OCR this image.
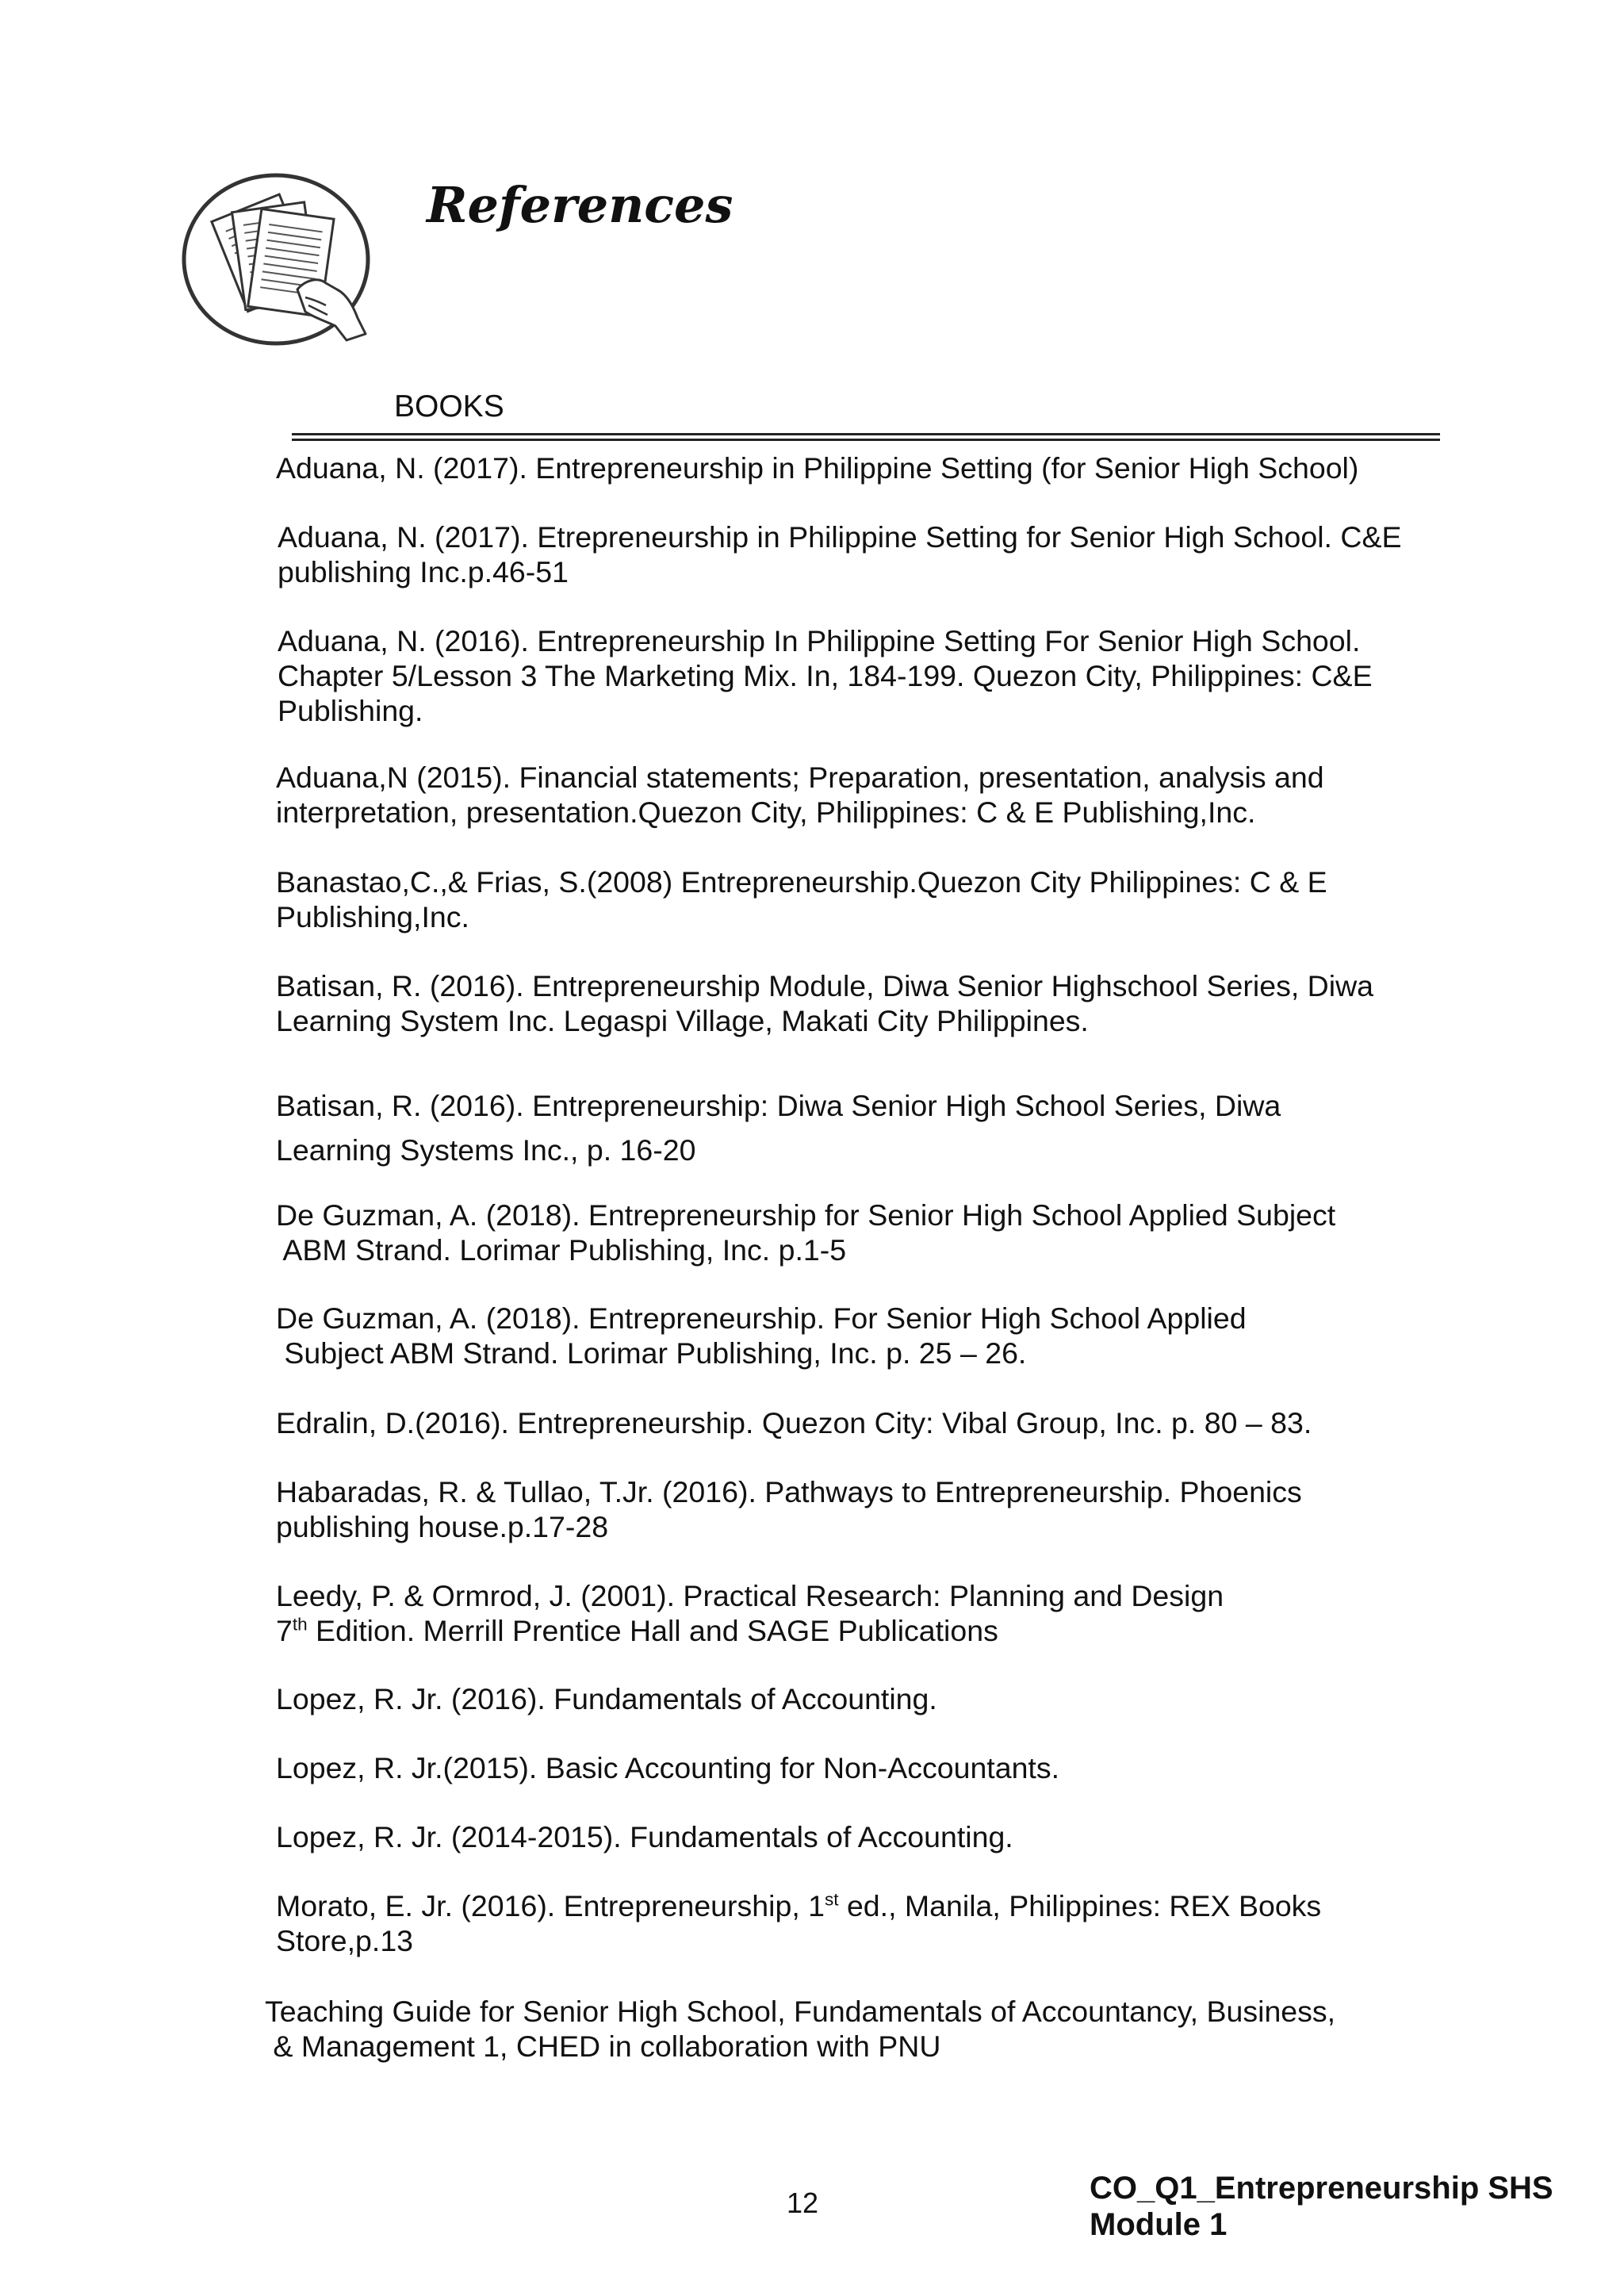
References
BOOKS

Aduana, N. (2017). Entrepreneurship in Philippine Setting (for Senior High School)

Aduana, N. (2017). Etrepreneurship in Philippine Setting for Senior High School. C&E
publishing Inc.p.46-51

Aduana, N. (2016). Entrepreneurship In Philippine Setting For Senior High School.
Chapter 5/Lesson 3 The Marketing Mix. In, 184-199. Quezon City, Philippines: C&E
Publishing.

Aduana,N (2015). Financial statements; Preparation, presentation, analysis and
interpretation, presentation.Quezon City, Philippines: C & E Publishing,Inc.

Banastao,C.,& Frias, S.(2008) Entrepreneurship.Quezon City Philippines: C & E
Publishing,Inc.

Batisan, R. (2016). Entrepreneurship Module, Diwa Senior Highschool Series, Diwa
Learning System Inc. Legaspi Village, Makati City Philippines.

Batisan, R. (2016). Entrepreneurship: Diwa Senior High School Series, Diwa
Learning Systems Inc., p. 16-20

De Guzman, A. (2018). Entrepreneurship for Senior High School Applied Subject
ABM Strand. Lorimar Publishing, Inc. p.1-5

De Guzman, A. (2018). Entrepreneurship. For Senior High School Applied
Subject ABM Strand. Lorimar Publishing, Inc. p. 25 – 26.

Edralin, D.(2016). Entrepreneurship. Quezon City: Vibal Group, Inc. p. 80 – 83.

Habaradas, R. & Tullao, T.Jr. (2016). Pathways to Entrepreneurship. Phoenics
publishing house.p.17-28

Leedy, P. & Ormrod, J. (2001). Practical Research: Planning and Design
7th Edition. Merrill Prentice Hall and SAGE Publications

Lopez, R. Jr. (2016). Fundamentals of Accounting.

Lopez, R. Jr.(2015). Basic Accounting for Non-Accountants.

Lopez, R. Jr. (2014-2015). Fundamentals of Accounting.

Morato, E. Jr. (2016). Entrepreneurship, 1st ed., Manila, Philippines: REX Books
Store,p.13

Teaching Guide for Senior High School, Fundamentals of Accountancy, Business,
& Management 1, CHED in collaboration with PNU

12	CO_Q1_Entrepreneurship SHS
Module 1
